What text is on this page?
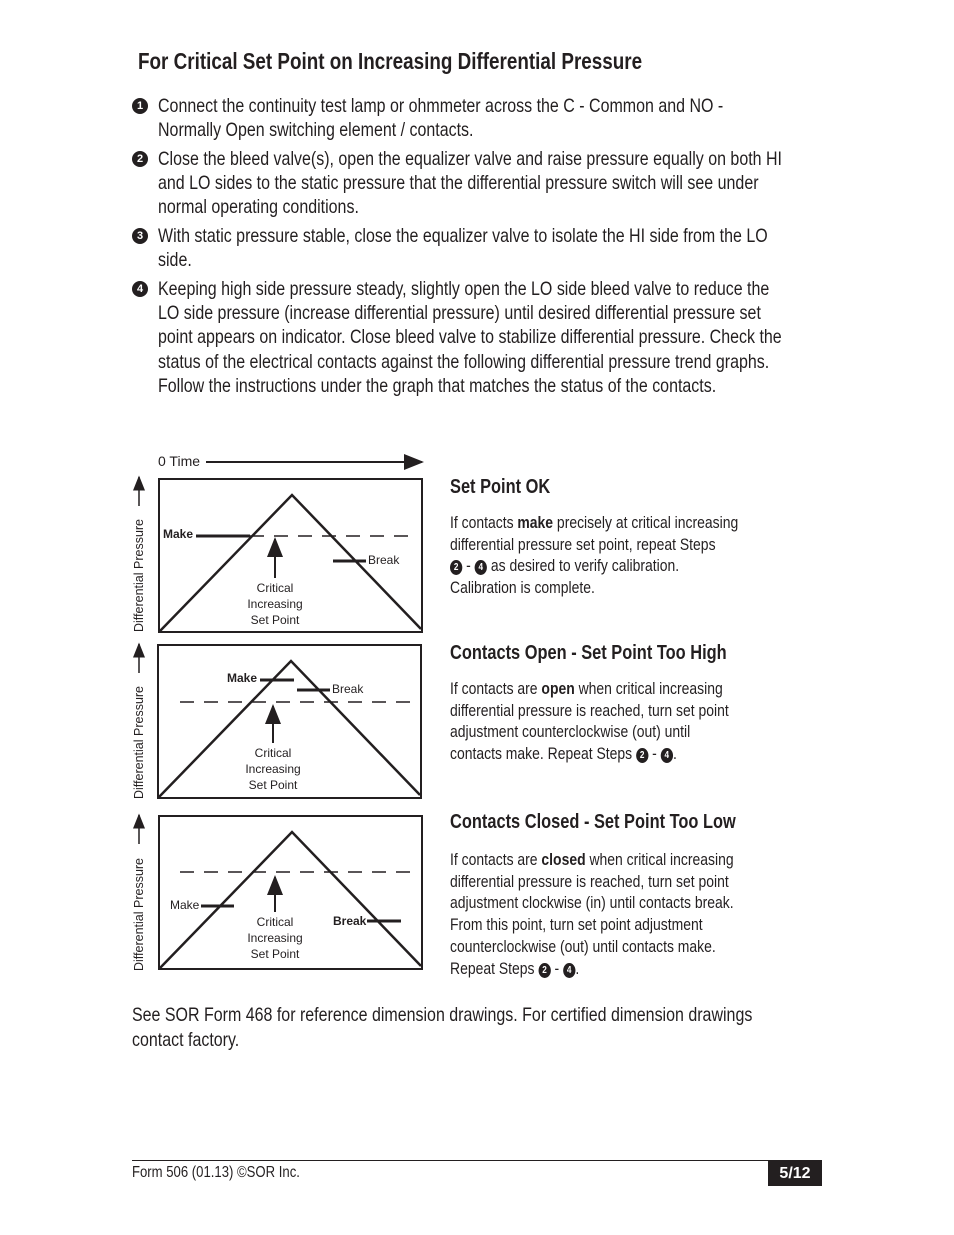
For Critical Set Point on Increasing Differential Pressure
1 Connect the continuity test lamp or ohmmeter across the C - Common and NO -
Normally Open switching element / contacts.
2 Close the bleed valve(s), open the equalizer valve and raise pressure equally on both HI
and LO sides to the static pressure that the differential pressure switch will see under
normal operating conditions.
3 With static pressure stable, close the equalizer valve to isolate the HI side from the LO
side.
4 Keeping high side pressure steady, slightly open the LO side bleed valve to reduce the
LO side pressure (increase differential pressure) until desired differential pressure set
point appears on indicator. Close bleed valve to stabilize differential pressure. Check the
status of the electrical contacts against the following differential pressure trend graphs.
Follow the instructions under the graph that matches the status of the contacts.
0 Time
Make
Break
Critical
Increasing
Set Point
Differential Pressure
Make
Break
Critical
Increasing
Set Point
Differential Pressure
Make
Break
Critical
Increasing
Set Point
Differential Pressure
Set Point OK
If contacts make precisely at critical increasing
differential pressure set point, repeat Steps
2 - 4 as desired to verify calibration.
Calibration is complete.
Contacts Open - Set Point Too High
If contacts are open when critical increasing
differential pressure is reached, turn set point
adjustment counterclockwise (out) until
contacts make. Repeat Steps 2 - 4 .
Contacts Closed - Set Point Too Low
If contacts are closed when critical increasing
differential pressure is reached, turn set point
adjustment clockwise (in) until contacts break.
From this point, turn set point adjustment
counterclockwise (out) until contacts make.
Repeat Steps 2 - 4 .
See SOR Form 468 for reference dimension drawings. For certified dimension drawings
contact factory.
Form 506 (01.13) ©SOR Inc.	5/12
